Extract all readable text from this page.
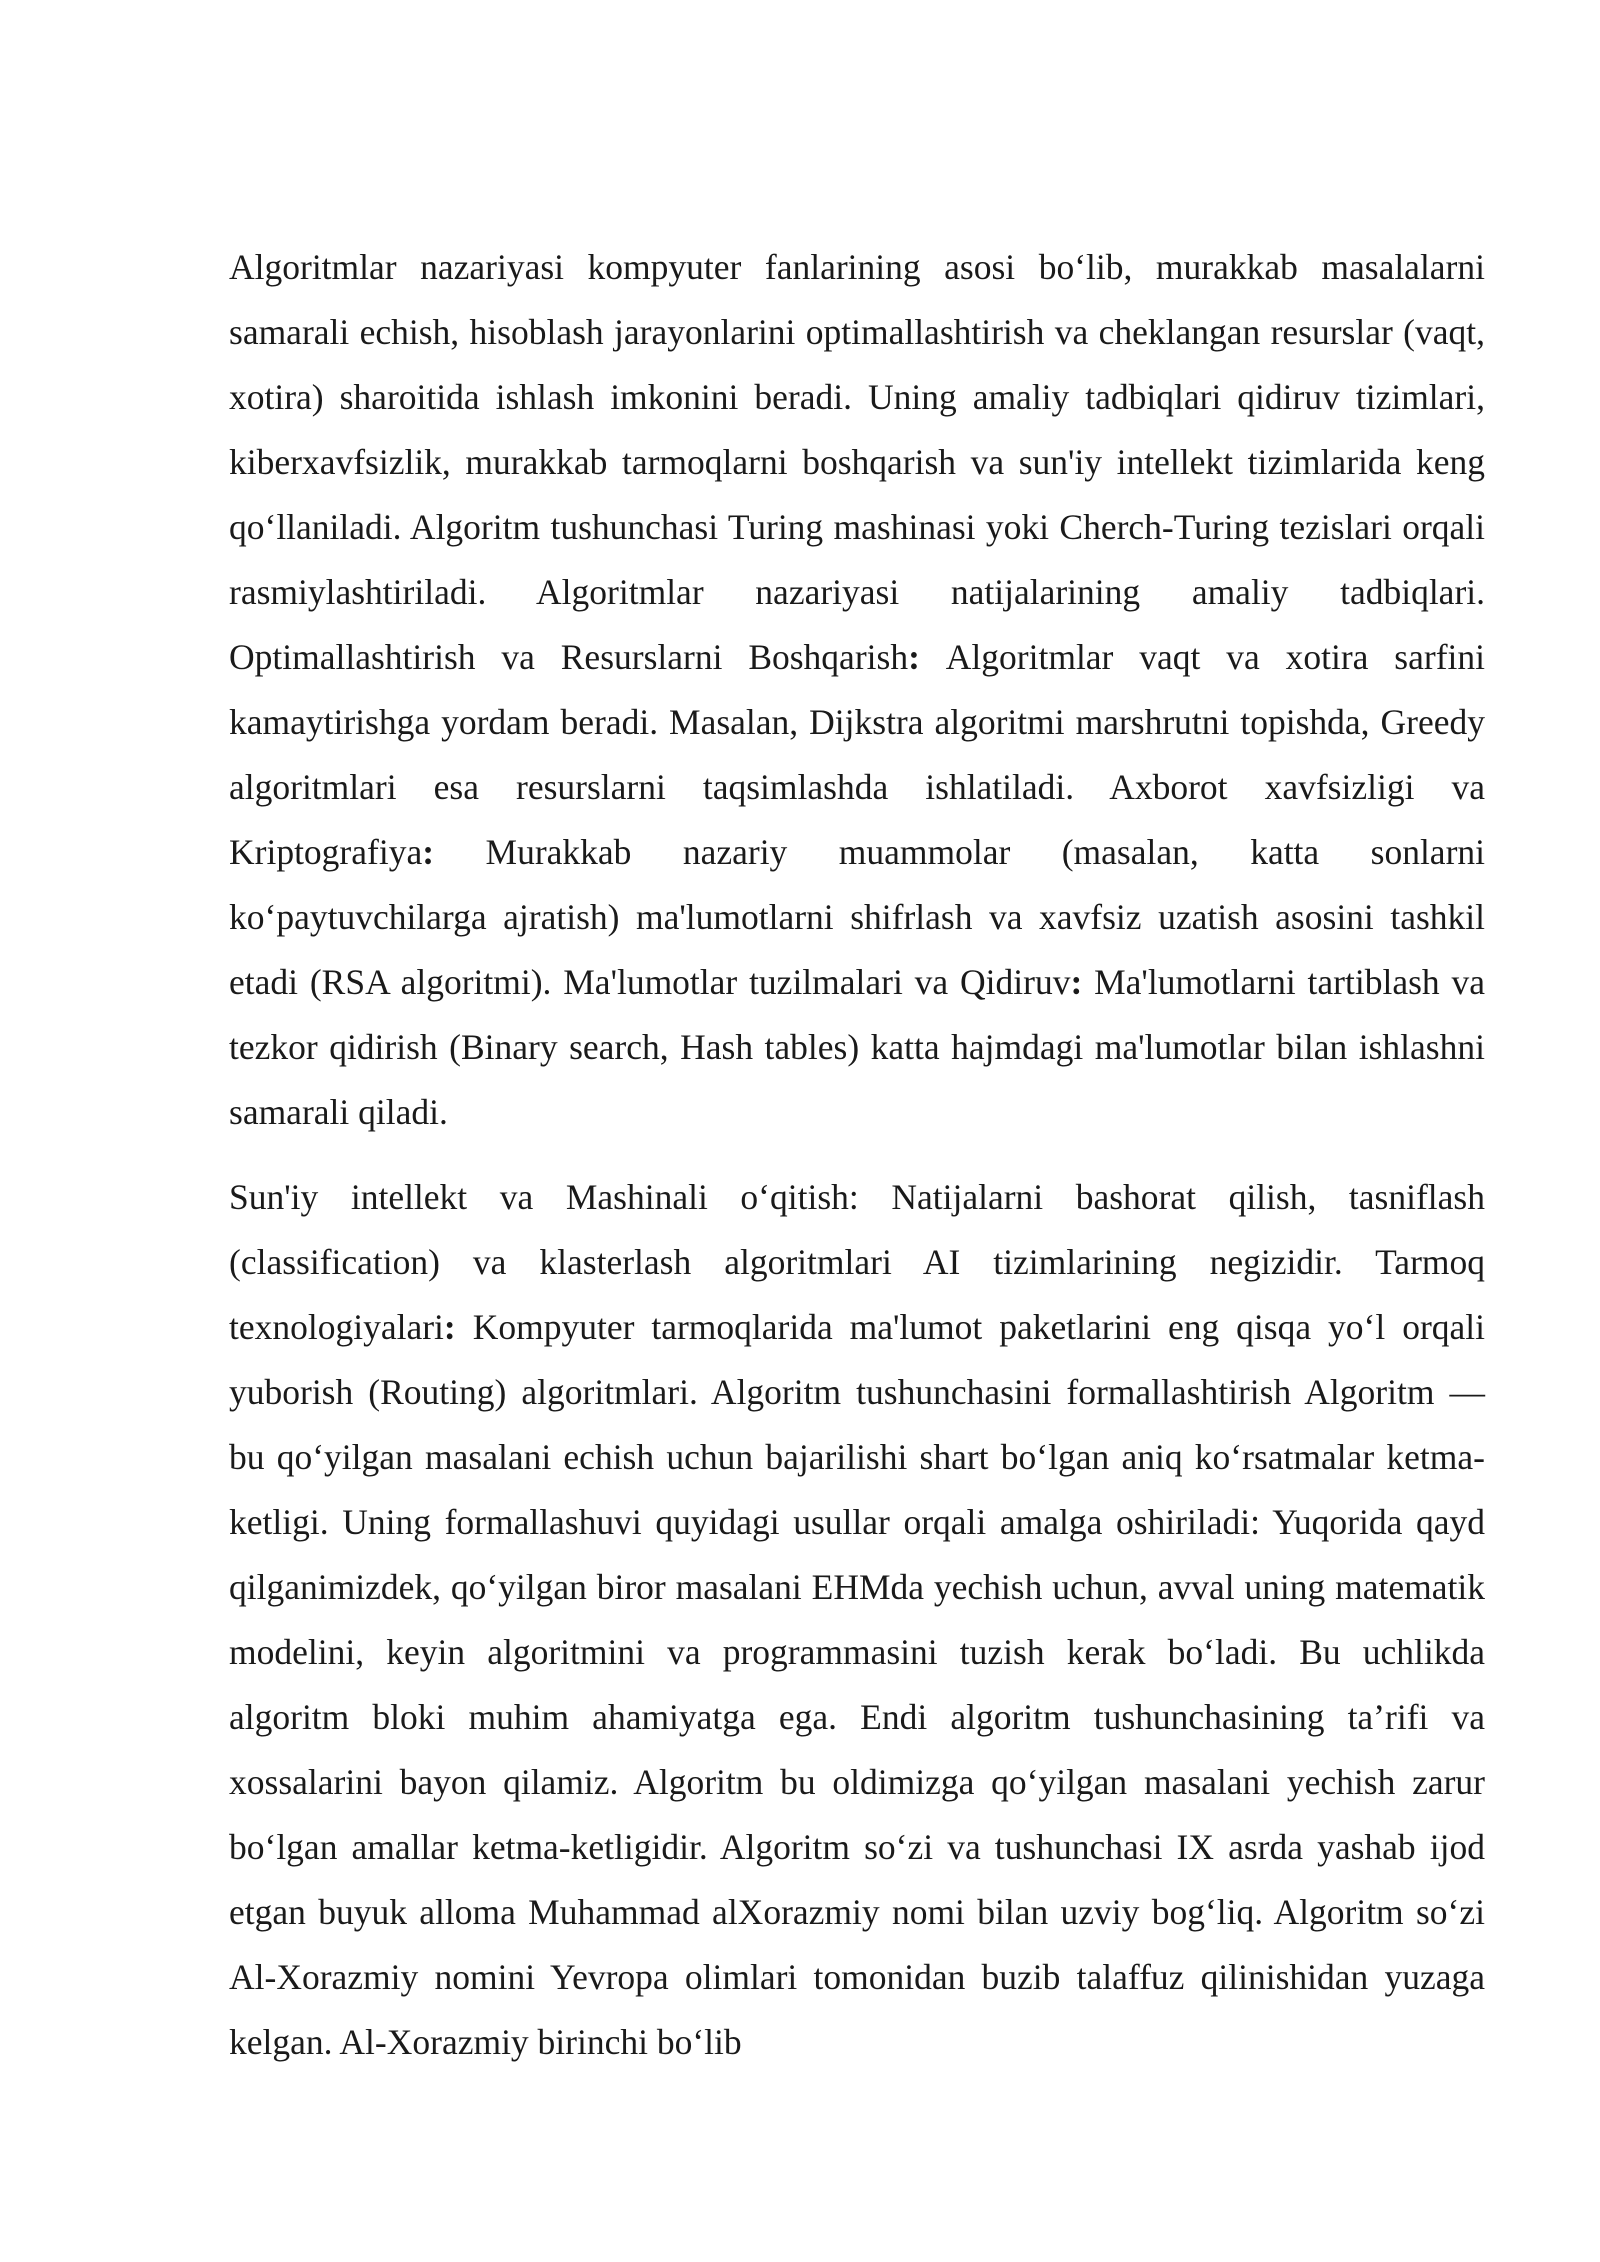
Algoritmlar nazariyasi kompyuter fanlarining asosi bo‘lib, murakkab masalalarni samarali echish, hisoblash jarayonlarini optimallashtirish va cheklangan resurslar (vaqt, xotira) sharoitida ishlash imkonini beradi. Uning amaliy tadbiqlari qidiruv tizimlari, kiberxavfsizlik, murakkab tarmoqlarni boshqarish va sun'iy intellekt tizimlarida keng qo‘llaniladi. Algoritm tushunchasi Turing mashinasi yoki Cherch-Turing tezislari orqali rasmiylashtiriladi. Algoritmlar nazariyasi natijalarining amaliy tadbiqlari. Optimallashtirish va Resurslarni Boshqarish: Algoritmlar vaqt va xotira sarfini kamaytirishga yordam beradi. Masalan, Dijkstra algoritmi marshrutni topishda, Greedy algoritmlari esa resurslarni taqsimlashda ishlatiladi. Axborot xavfsizligi va Kriptografiya: Murakkab nazariy muammolar (masalan, katta sonlarni ko‘paytuvchilarga ajratish) ma'lumotlarni shifrlash va xavfsiz uzatish asosini tashkil etadi (RSA algoritmi). Ma'lumotlar tuzilmalari va Qidiruv: Ma'lumotlarni tartiblash va tezkor qidirish (Binary search, Hash tables) katta hajmdagi ma'lumotlar bilan ishlashni samarali qiladi.

Sun'iy intellekt va Mashinali o‘qitish: Natijalarni bashorat qilish, tasniflash (classification) va klasterlash algoritmlari AI tizimlarining negizidir. Tarmoq texnologiyalari: Kompyuter tarmoqlarida ma'lumot paketlarini eng qisqa yo‘l orqali yuborish (Routing) algoritmlari. Algoritm tushunchasini formallashtirish Algoritm — bu qo‘yilgan masalani echish uchun bajarilishi shart bo‘lgan aniq ko‘rsatmalar ketma-ketligi. Uning formallashuvi quyidagi usullar orqali amalga oshiriladi: Yuqorida qayd qilganimizdek, qo‘yilgan biror masalani EHMda yechish uchun, avval uning matematik modelini, keyin algoritmini va programmasini tuzish kerak bo‘ladi. Bu uchlikda algoritm bloki muhim ahamiyatga ega. Endi algoritm tushunchasining ta’rifi va xossalarini bayon qilamiz. Algoritm bu oldimizga qo‘yilgan masalani yechish zarur bo‘lgan amallar ketma-ketligidir. Algoritm so‘zi va tushunchasi IX asrda yashab ijod etgan buyuk alloma Muhammad alXorazmiy nomi bilan uzviy bog‘liq. Algoritm so‘zi Al-Xorazmiy nomini Yevropa olimlari tomonidan buzib talaffuz qilinishidan yuzaga kelgan. Al-Xorazmiy birinchi bo‘lib
